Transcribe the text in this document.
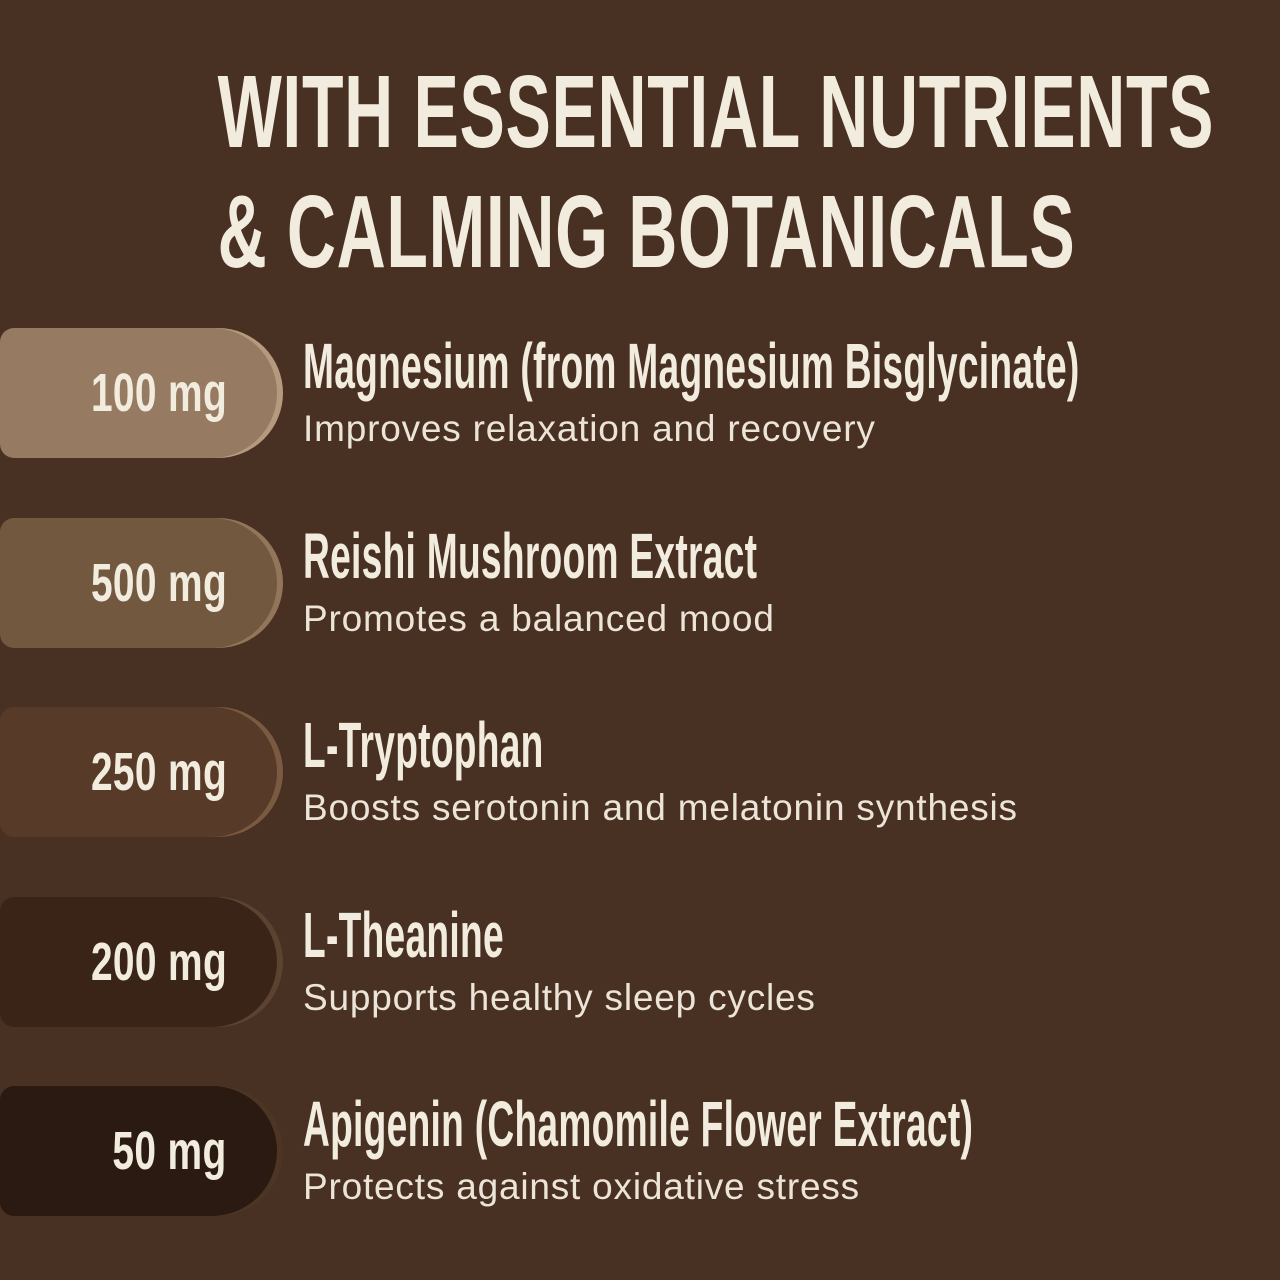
WITH ESSENTIAL NUTRIENTS
& CALMING BOTANICALS
100 mg Magnesium (from Magnesium Bisglycinate)
Improves relaxation and recovery
500 mg Reishi Mushroom Extract
Promotes a balanced mood
250 mg L-Tryptophan
Boosts serotonin and melatonin synthesis
200 mg L-Theanine
Supports healthy sleep cycles
50 mg Apigenin (Chamomile Flower Extract)
Protects against oxidative stress
